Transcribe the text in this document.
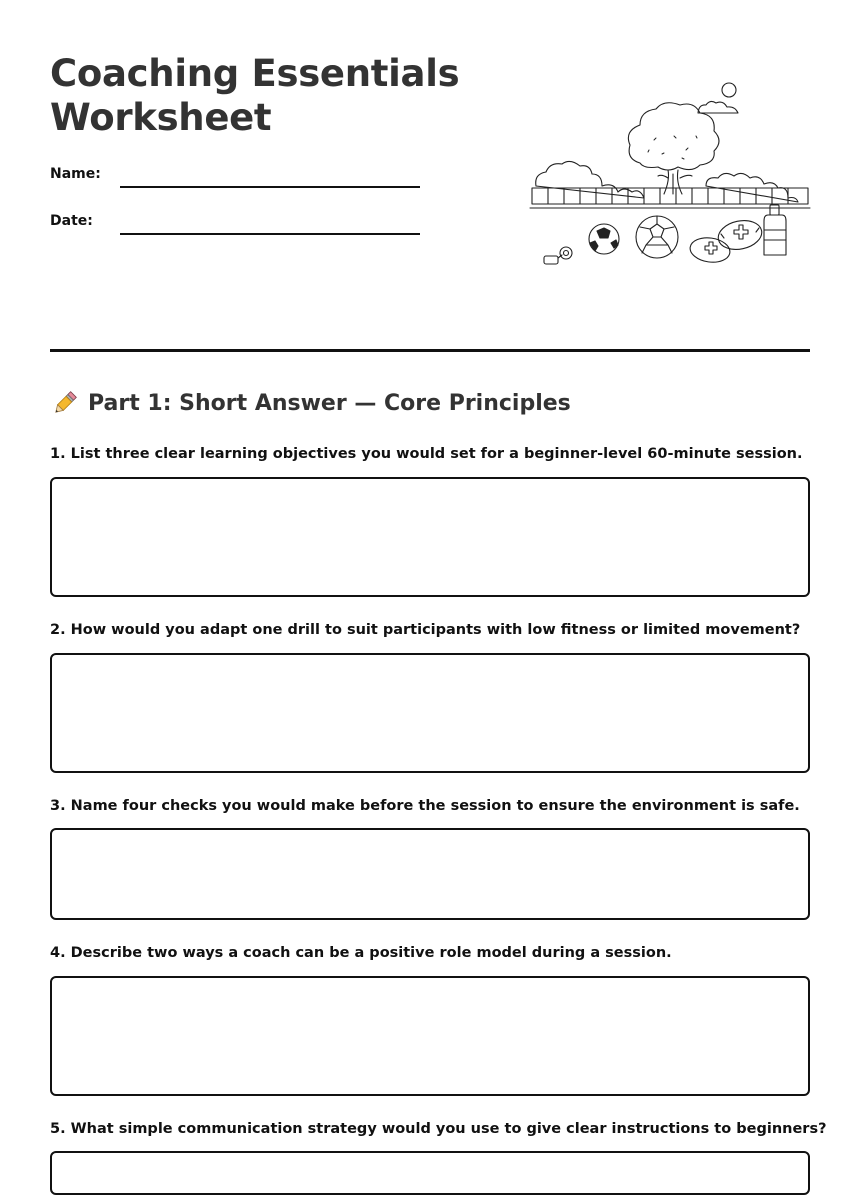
Coaching Essentials
Worksheet
Name:
Date:
Part 1: Short Answer — Core Principles

1. List three clear learning objectives you would set for a beginner-level 60-minute session.

2. How would you adapt one drill to suit participants with low fitness or limited movement?

3. Name four checks you would make before the session to ensure the environment is safe.

4. Describe two ways a coach can be a positive role model during a session.

5. What simple communication strategy would you use to give clear instructions to beginners?
